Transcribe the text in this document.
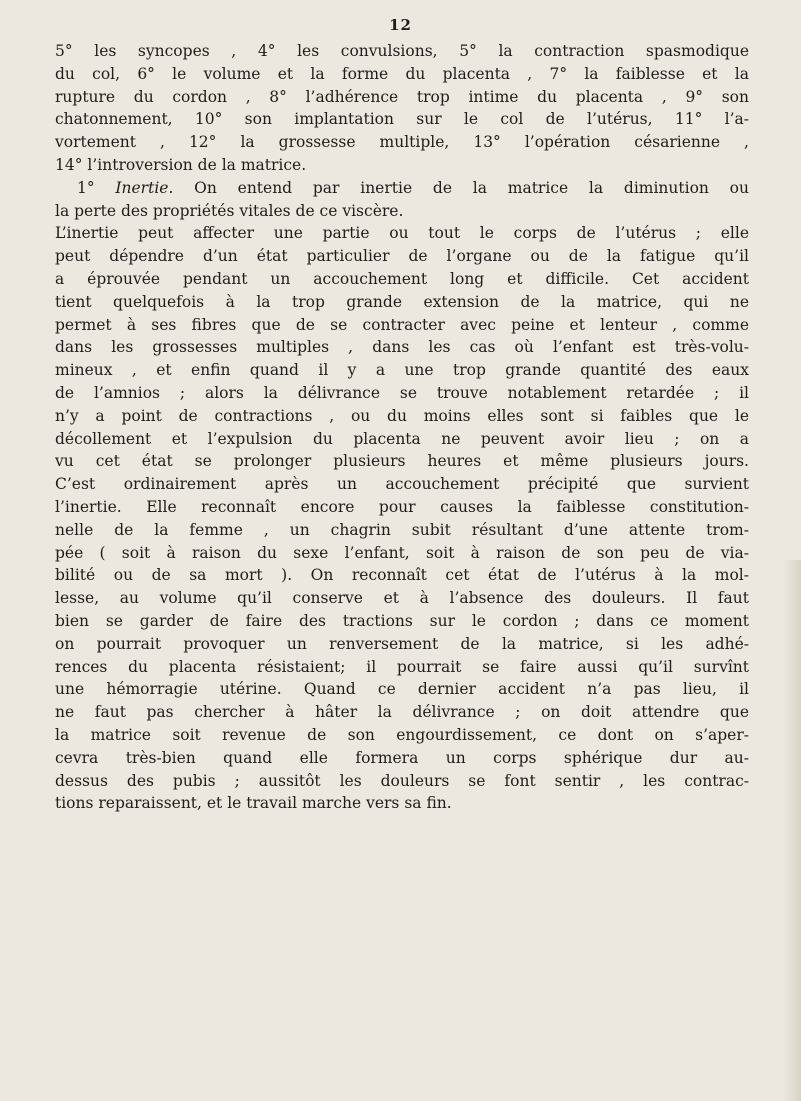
12
5° les syncopes , 4° les convulsions, 5° la contraction spasmodique
du col, 6° le volume et la forme du placenta , 7° la faiblesse et la
rupture du cordon , 8° l’adhérence trop intime du placenta , 9° son
chatonnement, 10° son implantation sur le col de l’utérus, 11° l’a-
vortement , 12° la grossesse multiple, 13° l’opération césarienne ,
14° l’introversion de la matrice.
1° Inertie. On entend par inertie de la matrice la diminution ou
la perte des propriétés vitales de ce viscère.
L’inertie peut affecter une partie ou tout le corps de l’utérus ; elle
peut dépendre d’un état particulier de l’organe ou de la fatigue qu’il
a éprouvée pendant un accouchement long et difficile. Cet accident
tient quelquefois à la trop grande extension de la matrice, qui ne
permet à ses fibres que de se contracter avec peine et lenteur , comme
dans les grossesses multiples , dans les cas où l’enfant est très-volu-
mineux , et enfin quand il y a une trop grande quantité des eaux
de l’amnios ; alors la délivrance se trouve notablement retardée ; il
n’y a point de contractions , ou du moins elles sont si faibles que le
décollement et l’expulsion du placenta ne peuvent avoir lieu ; on a
vu cet état se prolonger plusieurs heures et même plusieurs jours.
C’est ordinairement après un accouchement précipité que survient
l’inertie. Elle reconnaît encore pour causes la faiblesse constitution-
nelle de la femme , un chagrin subit résultant d’une attente trom-
pée ( soit à raison du sexe l’enfant, soit à raison de son peu de via-
bilité ou de sa mort ). On reconnaît cet état de l’utérus à la mol-
lesse, au volume qu’il conserve et à l’absence des douleurs. Il faut
bien se garder de faire des tractions sur le cordon ; dans ce moment
on pourrait provoquer un renversement de la matrice, si les adhé-
rences du placenta résistaient; il pourrait se faire aussi qu’il survînt
une hémorragie utérine. Quand ce dernier accident n’a pas lieu, il
ne faut pas chercher à hâter la délivrance ; on doit attendre que
la matrice soit revenue de son engourdissement, ce dont on s’aper-
cevra très-bien quand elle formera un corps sphérique dur au-
dessus des pubis ; aussitôt les douleurs se font sentir , les contrac-
tions reparaissent, et le travail marche vers sa fin.
